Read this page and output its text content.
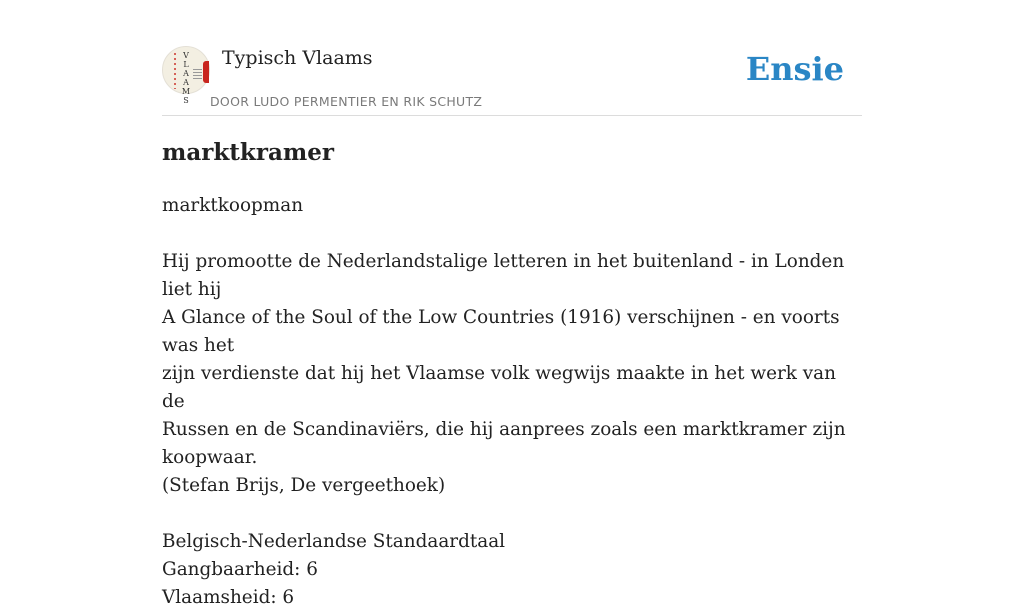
V
L
A
A
M
S
Typisch Vlaams
DOOR LUDO PERMENTIER EN RIK SCHUTZ
Ensie
marktkramer

marktkoopman

Hij promootte de Nederlandstalige letteren in het buitenland - in Londen liet hij

A Glance of the Soul of the Low Countries (1916) verschijnen - en voorts was het

zijn verdienste dat hij het Vlaamse volk wegwijs maakte in het werk van de

Russen en de Scandinaviërs, die hij aanprees zoals een marktkramer zijn

koopwaar.

(Stefan Brijs, De vergeethoek)

Belgisch-Nederlandse Standaardtaal

Gangbaarheid: 6

Vlaamsheid: 6
